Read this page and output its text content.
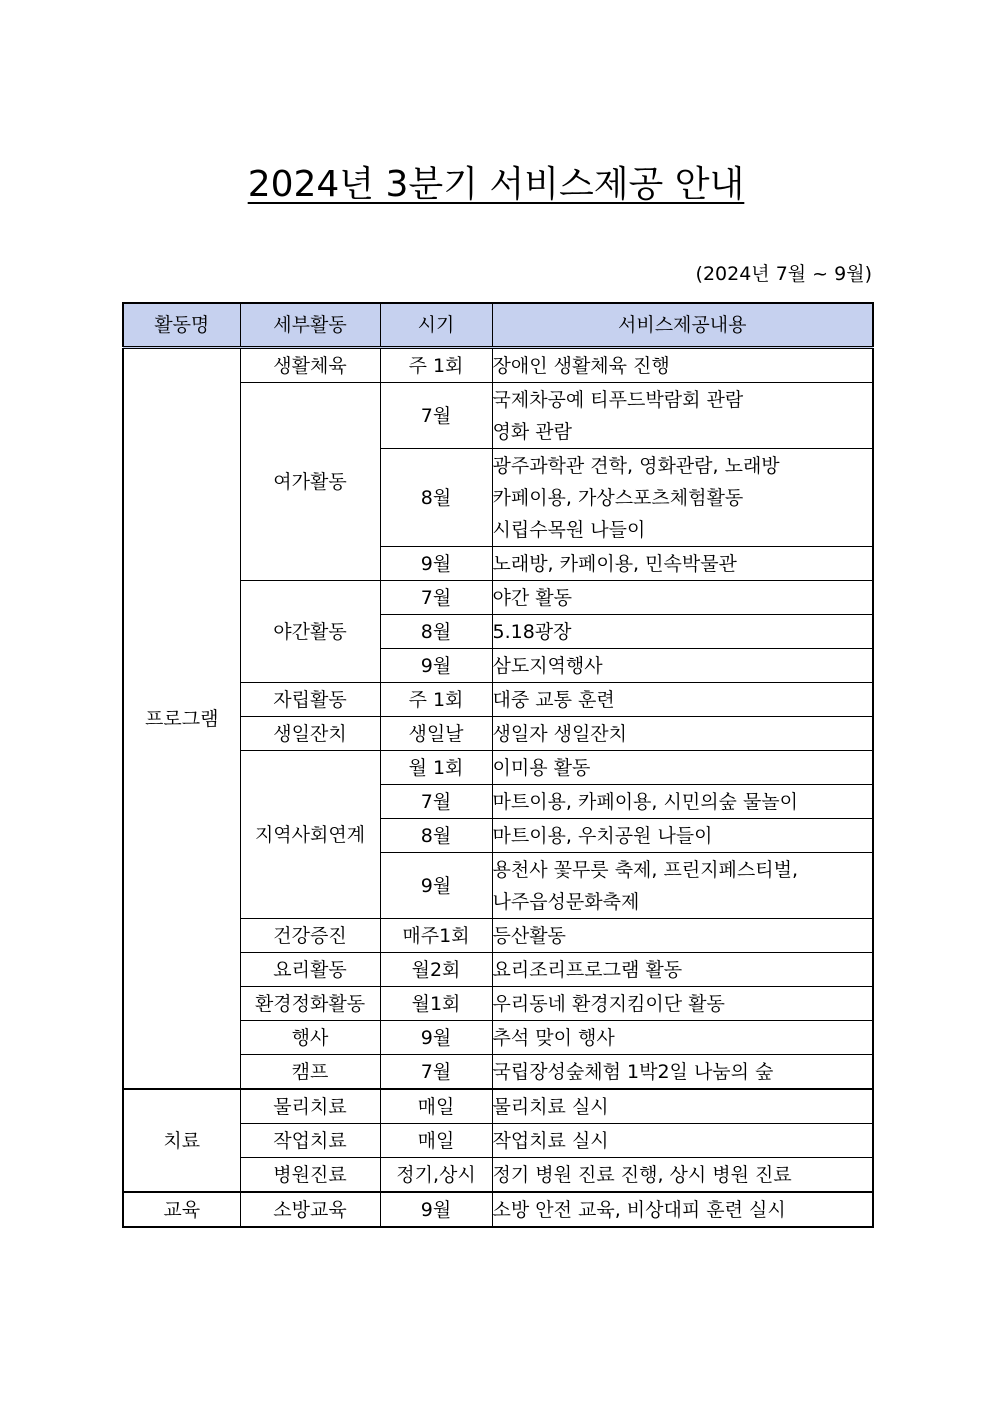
2024년 3분기 서비스제공 안내
(2024년 7월 ~ 9월)
활동명	세부활동	시기	서비스제공내용
프로그램	생활체육	주 1회	장애인 생활체육 진행

	여가활동	7월	국제차공예 티푸드박람회 관람
영화 관람

		8월	광주과학관 견학, 영화관람, 노래방
카페이용, 가상스포츠체험활동
시립수목원 나들이

		9월	노래방, 카페이용, 민속박물관

	야간활동	7월	야간 활동

		8월	5.18광장

		9월	삼도지역행사

	자립활동	주 1회	대중 교통 훈련

	생일잔치	생일날	생일자 생일잔치

	지역사회연계	월 1회	이미용 활동

		7월	마트이용, 카페이용, 시민의숲 물놀이

		8월	마트이용, 우치공원 나들이

		9월	용천사 꽃무릇 축제, 프린지페스티벌,
나주읍성문화축제

	건강증진	매주1회	등산활동

	요리활동	월2회	요리조리프로그램 활동

	환경정화활동	월1회	우리동네 환경지킴이단 활동

	행사	9월	추석 맞이 행사

	캠프	7월	국립장성숲체험 1박2일 나눔의 숲

치료	물리치료	매일	물리치료 실시

	작업치료	매일	작업치료 실시

	병원진료	정기,상시	정기 병원 진료 진행, 상시 병원 진료

교육	소방교육	9월	소방 안전 교육, 비상대피 훈련 실시
